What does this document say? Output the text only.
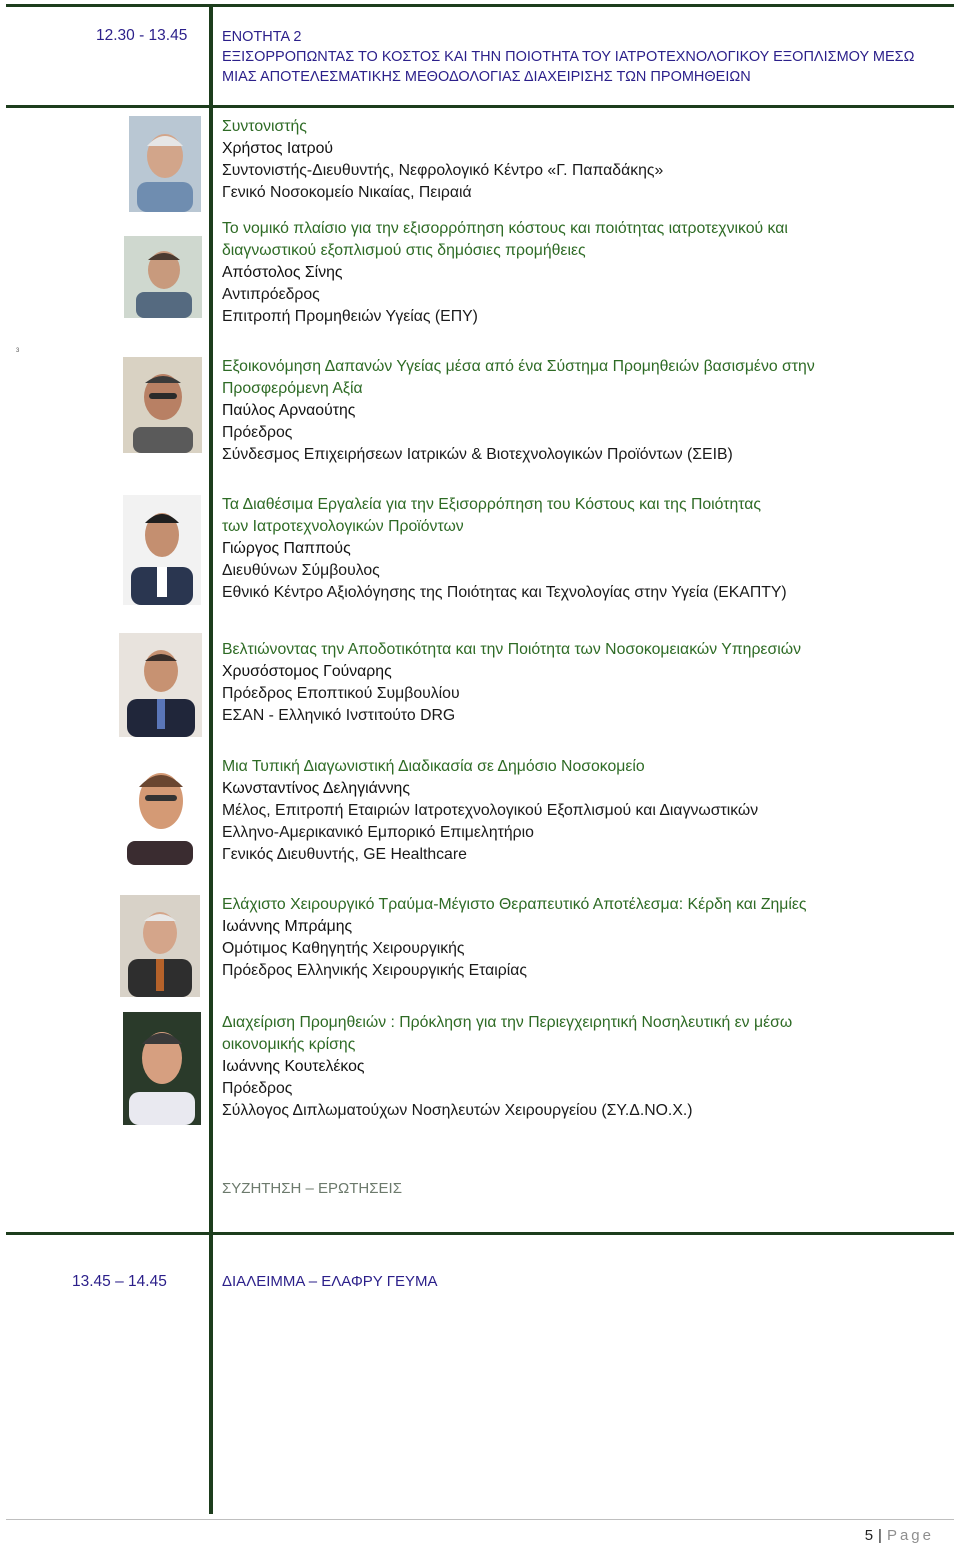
12.30 - 13.45 ΕΝΟΤΗΤΑ 2
ΕΞΙΣΟΡΡΟΠΩΝΤΑΣ ΤΟ ΚΟΣΤΟΣ ΚΑΙ ΤΗΝ ΠΟΙΟΤΗΤΑ ΤΟΥ ΙΑΤΡΟΤΕΧΝΟΛΟΓΙΚΟΥ ΕΞΟΠΛΙΣΜΟΥ ΜΕΣΩ
ΜΙΑΣ ΑΠΟΤΕΛΕΣΜΑΤΙΚΗΣ ΜΕΘΟΔΟΛΟΓΙΑΣ ΔΙΑΧΕΙΡΙΣΗΣ ΤΩΝ ΠΡΟΜΗΘΕΙΩΝ
3
Συντονιστής
Χρήστος Ιατρού
Συντονιστής-Διευθυντής, Νεφρολογικό Κέντρο «Γ. Παπαδάκης»
Γενικό Νοσοκομείο Νικαίας, Πειραιά
Το νομικό πλαίσιο για την εξισορρόπηση κόστους και ποιότητας ιατροτεχνικού και
διαγνωστικού εξοπλισμού στις δημόσιες προμήθειες
Απόστολος Σίνης
Αντιπρόεδρος
Επιτροπή Προμηθειών Υγείας (ΕΠΥ)
Εξοικονόμηση Δαπανών Υγείας μέσα από ένα Σύστημα Προμηθειών βασισμένο στην
Προσφερόμενη Αξία
Παύλος Αρναούτης
Πρόεδρος
Σύνδεσμος Επιχειρήσεων Ιατρικών & Βιοτεχνολογικών Προϊόντων (ΣΕΙΒ)
Τα Διαθέσιμα Εργαλεία για την Εξισορρόπηση του Κόστους και της Ποιότητας
των Ιατροτεχνολογικών Προϊόντων
Γιώργος Παππούς
Διευθύνων Σύμβουλος
Εθνικό Κέντρο Αξιολόγησης της Ποιότητας και Τεχνολογίας στην Υγεία (ΕΚΑΠΤΥ)
Βελτιώνοντας την Αποδοτικότητα και την Ποιότητα των Νοσοκομειακών Υπηρεσιών
Χρυσόστομος Γούναρης
Πρόεδρος Εποπτικού Συμβουλίου
ΕΣΑΝ - Ελληνικό Ινστιτούτο DRG
Μια Τυπική Διαγωνιστική Διαδικασία σε Δημόσιο Νοσοκομείο
Κωνσταντίνος Δεληγιάννης
Μέλος, Επιτροπή Εταιριών Ιατροτεχνολογικού Εξοπλισμού και Διαγνωστικών
Ελληνο-Αμερικανικό Εμπορικό Επιμελητήριο
Γενικός Διευθυντής, GE Healthcare
Ελάχιστο Χειρουργικό Τραύμα-Μέγιστο Θεραπευτικό Αποτέλεσμα: Κέρδη και Ζημίες
Ιωάννης Μπράμης
Ομότιμος Καθηγητής Χειρουργικής
Πρόεδρος Ελληνικής Χειρουργικής Εταιρίας
Διαχείριση Προμηθειών : Πρόκληση για την Περιεγχειρητική Νοσηλευτική εν μέσω
οικονομικής κρίσης
Ιωάννης Κουτελέκος
Πρόεδρος
Σύλλογος Διπλωματούχων Νοσηλευτών Χειρουργείου (ΣΥ.Δ.ΝΟ.Χ.)
ΣΥΖΗΤΗΣΗ – ΕΡΩΤΗΣΕΙΣ
13.45 – 14.45	ΔΙΑΛΕΙΜΜΑ – ΕΛΑΦΡΥ ΓΕΥΜΑ
5 | Page
